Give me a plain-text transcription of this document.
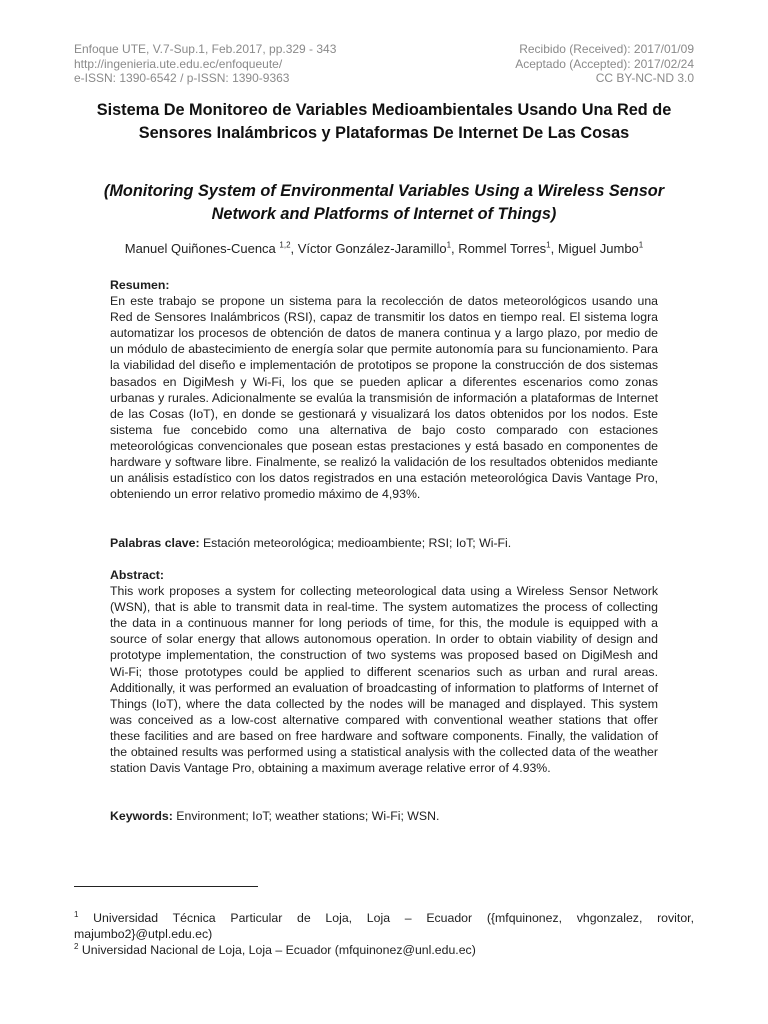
Enfoque UTE, V.7-Sup.1, Feb.2017, pp.329 - 343
http://ingenieria.ute.edu.ec/enfoqueute/
e-ISSN: 1390-6542 / p-ISSN: 1390-9363
Recibido (Received): 2017/01/09
Aceptado (Accepted): 2017/02/24
CC BY-NC-ND 3.0
Sistema De Monitoreo de Variables Medioambientales Usando Una Red de Sensores Inalámbricos y Plataformas De Internet De Las Cosas
(Monitoring System of Environmental Variables Using a Wireless Sensor Network and Platforms of Internet of Things)
Manuel Quiñones-Cuenca $^{1,2}$, Víctor González-Jaramillo$^1$, Rommel Torres$^1$, Miguel Jumbo$^1$
Resumen:
En este trabajo se propone un sistema para la recolección de datos meteorológicos usando una Red de Sensores Inalámbricos (RSI), capaz de transmitir los datos en tiempo real. El sistema logra automatizar los procesos de obtención de datos de manera continua y a largo plazo, por medio de un módulo de abastecimiento de energía solar que permite autonomía para su funcionamiento. Para la viabilidad del diseño e implementación de prototipos se propone la construcción de dos sistemas basados en DigiMesh y Wi-Fi, los que se pueden aplicar a diferentes escenarios como zonas urbanas y rurales. Adicionalmente se evalúa la transmisión de información a plataformas de Internet de las Cosas (IoT), en donde se gestionará y visualizará los datos obtenidos por los nodos. Este sistema fue concebido como una alternativa de bajo costo comparado con estaciones meteorológicas convencionales que posean estas prestaciones y está basado en componentes de hardware y software libre. Finalmente, se realizó la validación de los resultados obtenidos mediante un análisis estadístico con los datos registrados en una estación meteorológica Davis Vantage Pro, obteniendo un error relativo promedio máximo de 4,93%.
Palabras clave: Estación meteorológica; medioambiente; RSI; IoT; Wi-Fi.
Abstract:
This work proposes a system for collecting meteorological data using a Wireless Sensor Network (WSN), that is able to transmit data in real-time. The system automatizes the process of collecting the data in a continuous manner for long periods of time, for this, the module is equipped with a source of solar energy that allows autonomous operation. In order to obtain viability of design and prototype implementation, the construction of two systems was proposed based on DigiMesh and Wi-Fi; those prototypes could be applied to different scenarios such as urban and rural areas. Additionally, it was performed an evaluation of broadcasting of information to platforms of Internet of Things (IoT), where the data collected by the nodes will be managed and displayed. This system was conceived as a low-cost alternative compared with conventional weather stations that offer these facilities and are based on free hardware and software components. Finally, the validation of the obtained results was performed using a statistical analysis with the collected data of the weather station Davis Vantage Pro, obtaining a maximum average relative error of 4.93%.
Keywords: Environment; IoT; weather stations; Wi-Fi; WSN.
$^1$ Universidad Técnica Particular de Loja, Loja – Ecuador ({mfquinonez, vhgonzalez, rovitor, majumbo2}@utpl.edu.ec)
$^2$ Universidad Nacional de Loja, Loja – Ecuador (mfquinonez@unl.edu.ec)
